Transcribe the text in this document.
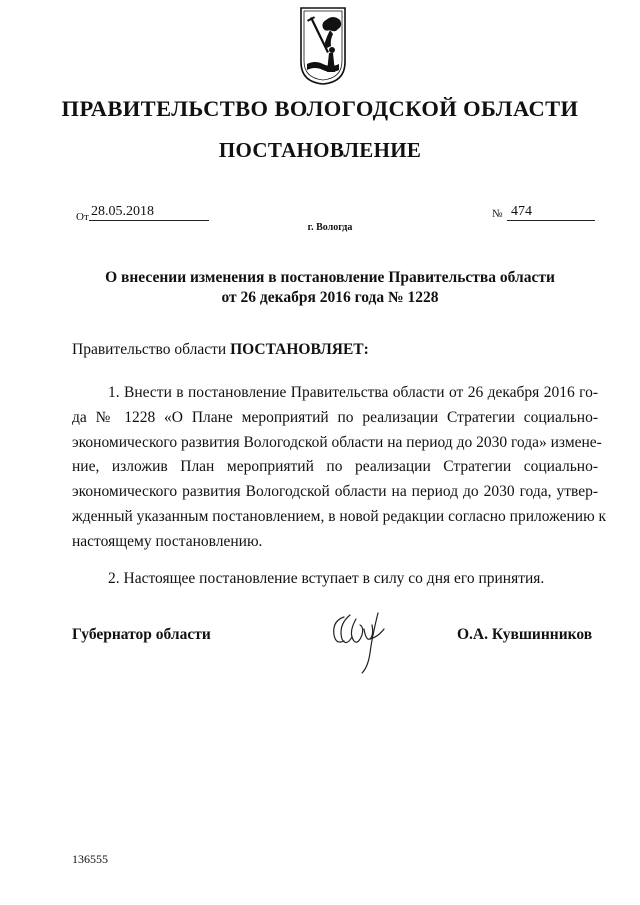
ПРАВИТЕЛЬСТВО ВОЛОГОДСКОЙ ОБЛАСТИ
ПОСТАНОВЛЕНИЕ
От 28.05.2018
г. Вологда
№ 474
О внесении изменения в постановление Правительства области
от 26 декабря 2016 года № 1228
Правительство области ПОСТАНОВЛЯЕТ:
1. Внести в постановление Правительства области от 26 декабря 2016 го-
да № 1228 «О Плане мероприятий по реализации Стратегии социально-
экономического развития Вологодской области на период до 2030 года» измене-
ние, изложив План мероприятий по реализации Стратегии социально-
экономического развития Вологодской области на период до 2030 года, утвер-
жденный указанным постановлением, в новой редакции согласно приложению к
настоящему постановлению.
2. Настоящее постановление вступает в силу со дня его принятия.
Губернатор области	О.А. Кувшинников
136555
